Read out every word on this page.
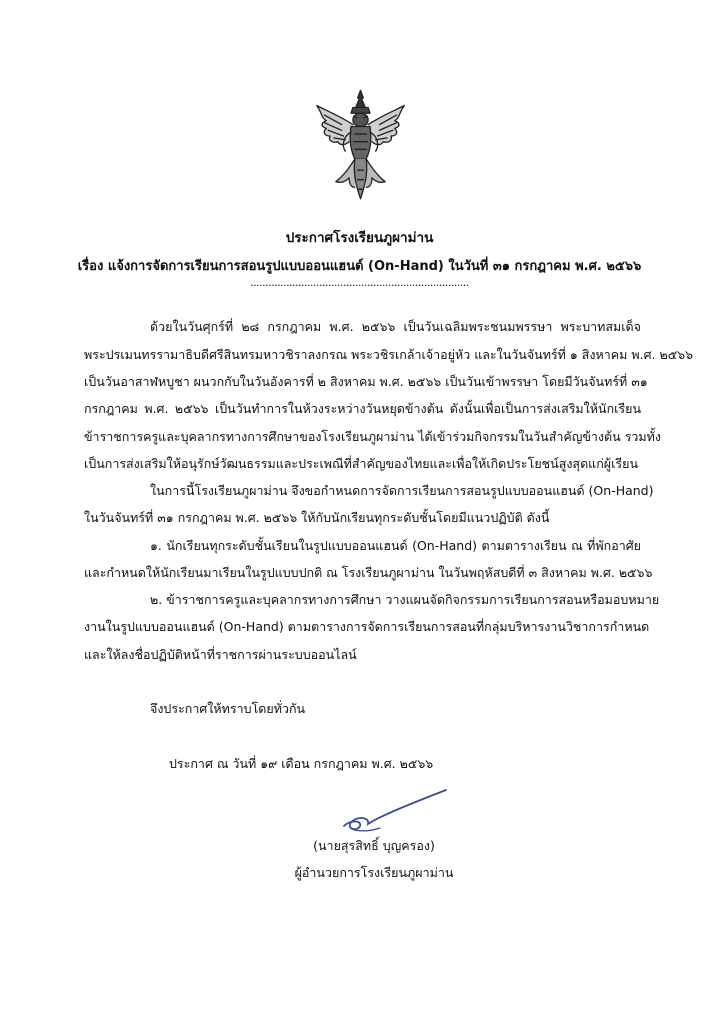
ประกาศโรงเรียนภูผาม่าน
เรื่อง แจ้งการจัดการเรียนการสอนรูปแบบออนแฮนด์ (On-Hand) ในวันที่ ๓๑ กรกฎาคม พ.ศ. ๒๕๖๖
.........................................................................
ด้วยในวันศุกร์ที่ ๒๘ กรกฎาคม พ.ศ. ๒๕๖๖ เป็นวันเฉลิมพระชนมพรรษา พระบาทสมเด็จ
พระปรเมนทรรามาธิบดีศรีสินทรมหาวชิราลงกรณ พระวชิรเกล้าเจ้าอยู่หัว และในวันจันทร์ที่ ๑ สิงหาคม พ.ศ. ๒๕๖๖
เป็นวันอาสาฬหบูชา ผนวกกับในวันอังคารที่ ๒ สิงหาคม พ.ศ. ๒๕๖๖ เป็นวันเข้าพรรษา โดยมีวันจันทร์ที่ ๓๑
กรกฎาคม พ.ศ. ๒๕๖๖ เป็นวันทำการในห้วงระหว่างวันหยุดข้างต้น ดังนั้นเพื่อเป็นการส่งเสริมให้นักเรียน
ข้าราชการครูและบุคลากรทางการศึกษาของโรงเรียนภูผาม่าน ได้เข้าร่วมกิจกรรมในวันสำคัญข้างต้น รวมทั้ง
เป็นการส่งเสริมให้อนุรักษ์วัฒนธรรมและประเพณีที่สำคัญของไทยและเพื่อให้เกิดประโยชน์สูงสุดแก่ผู้เรียน
ในการนี้โรงเรียนภูผาม่าน จึงขอกำหนดการจัดการเรียนการสอนรูปแบบออนแฮนด์ (On-Hand)
ในวันจันทร์ที่ ๓๑ กรกฎาคม พ.ศ. ๒๕๖๖ ให้กับนักเรียนทุกระดับชั้นโดยมีแนวปฏิบัติ ดังนี้
๑. นักเรียนทุกระดับชั้นเรียนในรูปแบบออนแฮนด์ (On-Hand) ตามตารางเรียน ณ ที่พักอาศัย
และกำหนดให้นักเรียนมาเรียนในรูปแบบปกติ ณ โรงเรียนภูผาม่าน ในวันพฤหัสบดีที่ ๓ สิงหาคม พ.ศ. ๒๕๖๖
๒. ข้าราชการครูและบุคลากรทางการศึกษา วางแผนจัดกิจกรรมการเรียนการสอนหรือมอบหมาย
งานในรูปแบบออนแฮนด์ (On-Hand) ตามตารางการจัดการเรียนการสอนที่กลุ่มบริหารงานวิชาการกำหนด
และให้ลงชื่อปฏิบัติหน้าที่ราชการผ่านระบบออนไลน์
จึงประกาศให้ทราบโดยทั่วกัน
ประกาศ ณ วันที่ ๑๙ เดือน กรกฎาคม พ.ศ. ๒๕๖๖
(นายสุรสิทธิ์ บุญครอง)
ผู้อำนวยการโรงเรียนภูผาม่าน
